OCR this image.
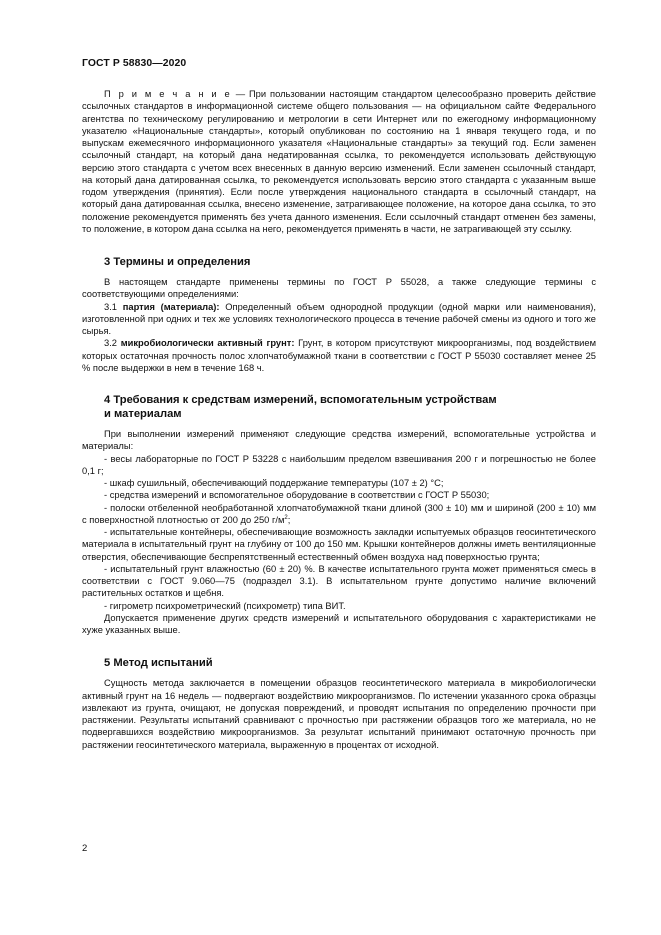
ГОСТ Р 58830—2020

П р и м е ч а н и е — При пользовании настоящим стандартом целесообразно проверить действие ссылочных стандартов в информационной системе общего пользования — на официальном сайте Федерального агентства по техническому регулированию и метрологии в сети Интернет или по ежегодному информационному указателю «Национальные стандарты», который опубликован по состоянию на 1 января текущего года, и по выпускам ежемесячного информационного указателя «Национальные стандарты» за текущий год. Если заменен ссылочный стандарт, на который дана недатированная ссылка, то рекомендуется использовать действующую версию этого стандарта с учетом всех внесенных в данную версию изменений. Если заменен ссылочный стандарт, на который дана датированная ссылка, то рекомендуется использовать версию этого стандарта с указанным выше годом утверждения (принятия). Если после утверждения национального стандарта в ссылочный стандарт, на который дана датированная ссылка, внесено изменение, затрагивающее положение, на которое дана ссылка, то это положение рекомендуется применять без учета данного изменения. Если ссылочный стандарт отменен без замены, то положение, в котором дана ссылка на него, рекомендуется применять в части, не затрагивающей эту ссылку.

3 Термины и определения

В настоящем стандарте применены термины по ГОСТ Р 55028, а также следующие термины с соответствующими определениями:

3.1 партия (материала): Определенный объем однородной продукции (одной марки или наименования), изготовленной при одних и тех же условиях технологического процесса в течение рабочей смены из одного и того же сырья.

3.2 микробиологически активный грунт: Грунт, в котором присутствуют микроорганизмы, под воздействием которых остаточная прочность полос хлопчатобумажной ткани в соответствии с ГОСТ Р 55030 составляет менее 25 % после выдержки в нем в течение 168 ч.

4 Требования к средствам измерений, вспомогательным устройствам
и материалам

При выполнении измерений применяют следующие средства измерений, вспомогательные устройства и материалы:

- весы лабораторные по ГОСТ Р 53228 с наибольшим пределом взвешивания 200 г и погрешностью не более 0,1 г;

- шкаф сушильный, обеспечивающий поддержание температуры (107 ± 2) °С;

- средства измерений и вспомогательное оборудование в соответствии с ГОСТ Р 55030;

- полоски отбеленной необработанной хлопчатобумажной ткани длиной (300 ± 10) мм и шириной (200 ± 10) мм с поверхностной плотностью от 200 до 250 $г/м^2$;

- испытательные контейнеры, обеспечивающие возможность закладки испытуемых образцов геосинтетического материала в испытательный грунт на глубину от 100 до 150 мм. Крышки контейнеров должны иметь вентиляционные отверстия, обеспечивающие беспрепятственный естественный обмен воздуха над поверхностью грунта;

- испытательный грунт влажностью (60 ± 20) %. В качестве испытательного грунта может применяться смесь в соответствии с ГОСТ 9.060—75 (подраздел 3.1). В испытательном грунте допустимо наличие включений растительных остатков и щебня.

- гигрометр психрометрический (психрометр) типа ВИТ.

Допускается применение других средств измерений и испытательного оборудования с характеристиками не хуже указанных выше.

5 Метод испытаний

Сущность метода заключается в помещении образцов геосинтетического материала в микробиологически активный грунт на 16 недель — подвергают воздействию микроорганизмов. По истечении указанного срока образцы извлекают из грунта, очищают, не допуская повреждений, и проводят испытания по определению прочности при растяжении. Результаты испытаний сравнивают с прочностью при растяжении образцов того же материала, но не подвергавшихся воздействию микроорганизмов. За результат испытаний принимают остаточную прочность при растяжении геосинтетического материала, выраженную в процентах от исходной.

2
